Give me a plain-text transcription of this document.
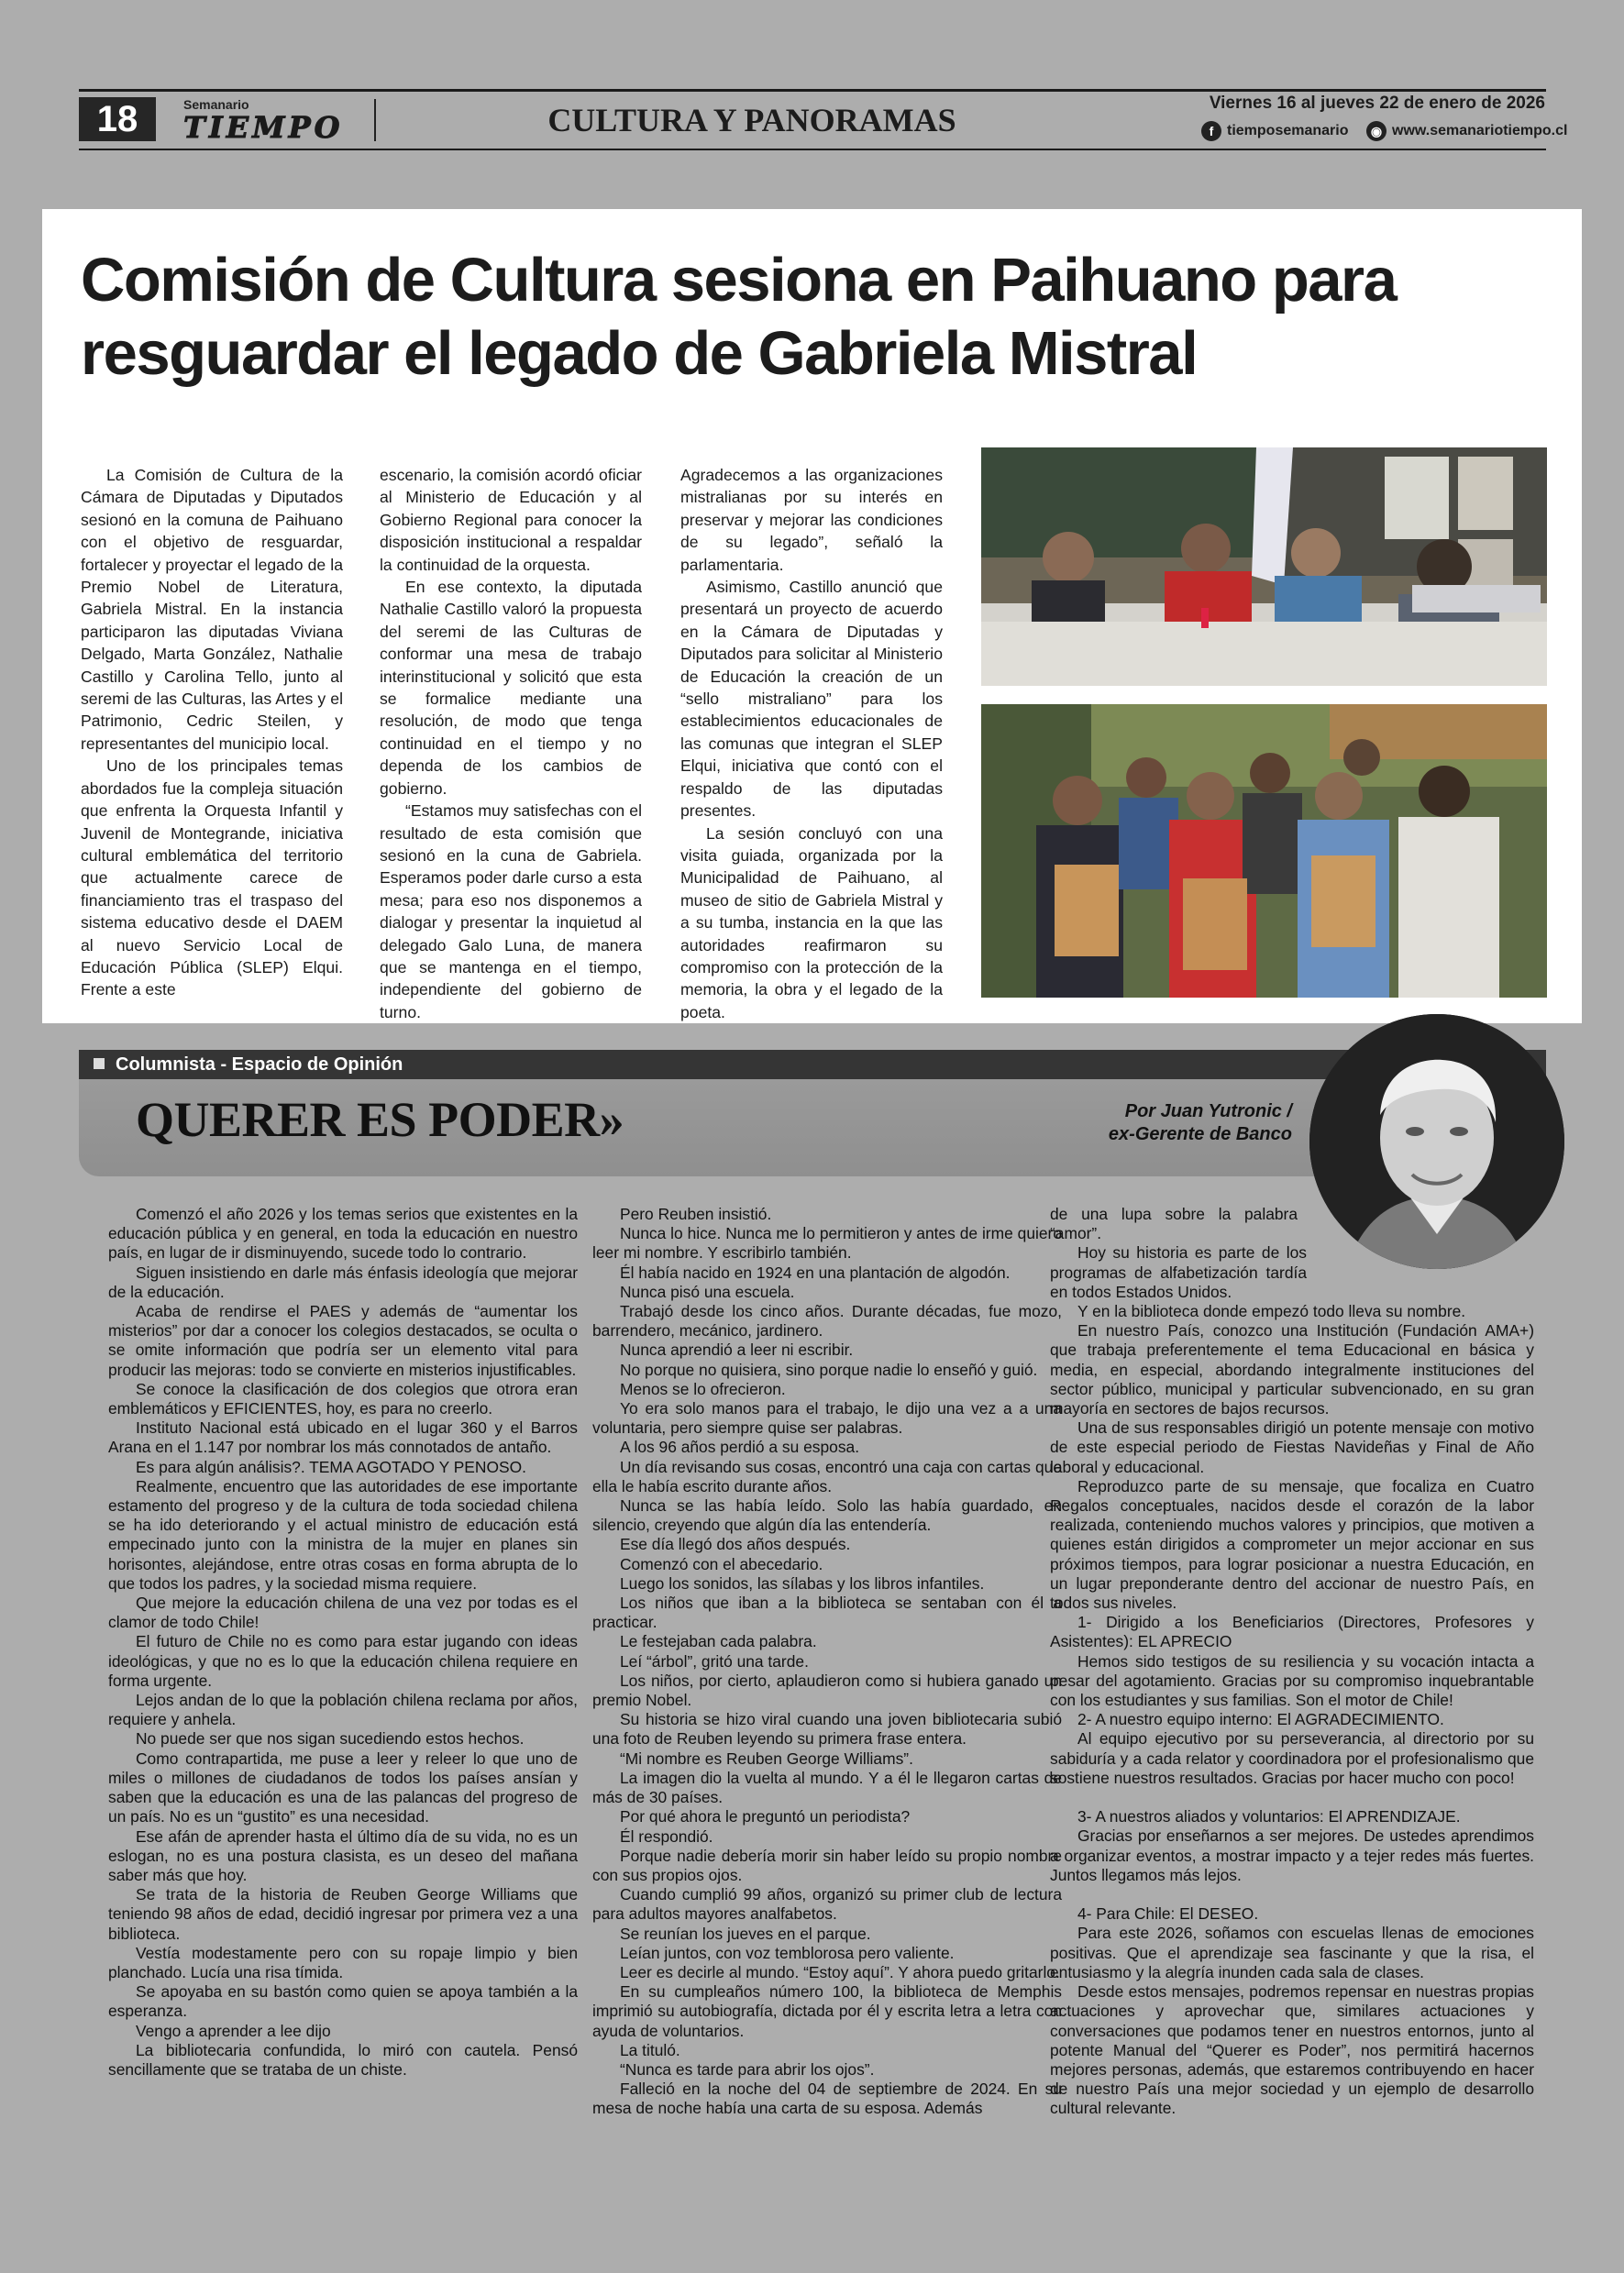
18	Semanario
TIEMPO	CULTURA Y PANORAMAS	Viernes 16 al jueves 22 de enero de 2026
f tiemposemanario	◉ www.semanariotiempo.cl
Comisión de Cultura sesiona en Paihuano para resguardar el legado de Gabriela Mistral

La Comisión de Cultura de la Cámara de Diputadas y Diputados sesionó en la comuna de Paihuano con el objetivo de resguardar, fortalecer y proyectar el legado de la Premio Nobel de Literatura, Gabriela Mistral. En la instancia participaron las diputadas Viviana Delgado, Marta González, Nathalie Castillo y Carolina Tello, junto al seremi de las Culturas, las Artes y el Patrimonio, Cedric Steilen, y representantes del municipio local.

Uno de los principales temas abordados fue la compleja situación que enfrenta la Orquesta Infantil y Juvenil de Montegrande, iniciativa cultural emblemática del territorio que actualmente carece de financiamiento tras el traspaso del sistema educativo desde el DAEM al nuevo Servicio Local de Educación Pública (SLEP) Elqui. Frente a este

escenario, la comisión acordó oficiar al Ministerio de Educación y al Gobierno Regional para conocer la disposición institucional a respaldar la continuidad de la orquesta.

En ese contexto, la diputada Nathalie Castillo valoró la propuesta del seremi de las Culturas de conformar una mesa de trabajo interinstitucional y solicitó que esta se formalice mediante una resolución, de modo que tenga continuidad en el tiempo y no dependa de los cambios de gobierno.

“Estamos muy satisfechas con el resultado de esta comisión que sesionó en la cuna de Gabriela. Esperamos poder darle curso a esta mesa; para eso nos disponemos a dialogar y presentar la inquietud al delegado Galo Luna, de manera que se mantenga en el tiempo, independiente del gobierno de turno.

Agradecemos a las organizaciones mistralianas por su interés en preservar y mejorar las condiciones de su legado”, señaló la parlamentaria.

Asimismo, Castillo anunció que presentará un proyecto de acuerdo en la Cámara de Diputadas y Diputados para solicitar al Ministerio de Educación la creación de un “sello mistraliano” para los establecimientos educacionales de las comunas que integran el SLEP Elqui, iniciativa que contó con el respaldo de las diputadas presentes.

La sesión concluyó con una visita guiada, organizada por la Municipalidad de Paihuano, al museo de sitio de Gabriela Mistral y a su tumba, instancia en la que las autoridades reafirmaron su compromiso con la protección de la memoria, la obra y el legado de la poeta.

Columnista - Espacio de Opinión
QUERER ES PODER»	Por Juan Yutronic /
ex-Gerente de Banco

Comenzó el año 2026 y los temas serios que existentes en la educación pública y en general, en toda la educación en nuestro país, en lugar de ir disminuyendo, sucede todo lo contrario.

Siguen insistiendo en darle más énfasis ideología que mejorar de la educación.

Acaba de rendirse el PAES y además de “aumentar los misterios” por dar a conocer los colegios destacados, se oculta o se omite información que podría ser un elemento vital para producir las mejoras: todo se convierte en misterios injustificables.

Se conoce la clasificación de dos colegios que otrora eran emblemáticos y EFICIENTES, hoy, es para no creerlo.

Instituto Nacional está ubicado en el lugar 360 y el Barros Arana en el 1.147 por nombrar los más connotados de antaño.

Es para algún análisis?. TEMA AGOTADO Y PENOSO.

Realmente, encuentro que las autoridades de ese importante estamento del progreso y de la cultura de toda sociedad chilena se ha ido deteriorando y el actual ministro de educación está empecinado junto con la ministra de la mujer en planes sin horisontes, alejándose, entre otras cosas en forma abrupta de lo que todos los padres, y la sociedad misma requiere.

Que mejore la educación chilena de una vez por todas es el clamor de todo Chile!

El futuro de Chile no es como para estar jugando con ideas ideológicas, y que no es lo que la educación chilena requiere en forma urgente.

Lejos andan de lo que la población chilena reclama por años, requiere y anhela.

No puede ser que nos sigan sucediendo estos hechos.

Como contrapartida, me puse a leer y releer lo que uno de miles o millones de ciudadanos de todos los países ansían y saben que la educación es una de las palancas del progreso de un país. No es un “gustito” es una necesidad.

Ese afán de aprender hasta el último día de su vida, no es un eslogan, no es una postura clasista, es un deseo del mañana saber más que hoy.

Se trata de la historia de Reuben George Williams que teniendo 98 años de edad, decidió ingresar por primera vez a una biblioteca.

Vestía modestamente pero con su ropaje limpio y bien planchado. Lucía una risa tímida.

Se apoyaba en su bastón como quien se apoya también a la esperanza.

Vengo a aprender a lee dijo

La bibliotecaria confundida, lo miró con cautela. Pensó sencillamente que se trataba de un chiste.

Pero Reuben insistió.

Nunca lo hice. Nunca me lo permitieron y antes de irme quiero leer mi nombre. Y escribirlo también.

Él había nacido en 1924 en una plantación de algodón.

Nunca pisó una escuela.

Trabajó desde los cinco años. Durante décadas, fue mozo, barrendero, mecánico, jardinero.

Nunca aprendió a leer ni escribir.

No porque no quisiera, sino porque nadie lo enseñó y guió.

Menos se lo ofrecieron.

Yo era solo manos para el trabajo, le dijo una vez a a una voluntaria, pero siempre quise ser palabras.

A los 96 años perdió a su esposa.

Un día revisando sus cosas, encontró una caja con cartas que ella le había escrito durante años.

Nunca se las había leído. Solo las había guardado, en silencio, creyendo que algún día las entendería.

Ese día llegó dos años después.

Comenzó con el abecedario.

Luego los sonidos, las sílabas y los libros infantiles.

Los niños que iban a la biblioteca se sentaban con él a practicar.

Le festejaban cada palabra.

Leí “árbol”, gritó una tarde.

Los niños, por cierto, aplaudieron como si hubiera ganado un premio Nobel.

Su historia se hizo viral cuando una joven bibliotecaria subió una foto de Reuben leyendo su primera frase entera.

“Mi nombre es Reuben George Williams”.

La imagen dio la vuelta al mundo. Y a él le llegaron cartas de más de 30 países.

Por qué ahora le preguntó un periodista?

Él respondió.

Porque nadie debería morir sin haber leído su propio nombre con sus propios ojos.

Cuando cumplió 99 años, organizó su primer club de lectura para adultos mayores analfabetos.

Se reunían los jueves en el parque.

Leían juntos, con voz temblorosa pero valiente.

Leer es decirle al mundo. “Estoy aquí”. Y ahora puedo gritarlo.

En su cumpleaños número 100, la biblioteca de Memphis imprimió su autobiografía, dictada por él y escrita letra a letra con ayuda de voluntarios.

La tituló.

“Nunca es tarde para abrir los ojos”.

Falleció en la noche del 04 de septiembre de 2024. En su mesa de noche había una carta de su esposa. Además

de una lupa sobre la palabra “amor”.

Hoy su historia es parte de los programas de alfabetización tardía en todos Estados Unidos.

Y en la biblioteca donde empezó todo lleva su nombre.

En nuestro País, conozco una Institución (Fundación AMA+) que trabaja preferentemente el tema Educacional en básica y media, en especial, abordando integralmente instituciones del sector público, municipal y particular subvencionado, en su gran mayoría en sectores de bajos recursos.

Una de sus responsables dirigió un potente mensaje con motivo de este especial periodo de Fiestas Navideñas y Final de Año laboral y educacional.

Reproduzco parte de su mensaje, que focaliza en Cuatro Regalos conceptuales, nacidos desde el corazón de la labor realizada, conteniendo muchos valores y principios, que motiven a quienes están dirigidos a comprometer un mejor accionar en sus próximos tiempos, para lograr posicionar a nuestra Educación, en un lugar preponderante dentro del accionar de nuestro País, en todos sus niveles.

1- Dirigido a los Beneficiarios (Directores, Profesores y Asistentes): EL APRECIO

Hemos sido testigos de su resiliencia y su vocación intacta a pesar del agotamiento. Gracias por su compromiso inquebrantable con los estudiantes y sus familias. Son el motor de Chile!

2- A nuestro equipo interno: El AGRADECIMIENTO.

Al equipo ejecutivo por su perseverancia, al directorio por su sabiduría y a cada relator y coordinadora por el profesionalismo que sostiene nuestros resultados. Gracias por hacer mucho con poco!

3- A nuestros aliados y voluntarios: El APRENDIZAJE.

Gracias por enseñarnos a ser mejores. De ustedes aprendimos a organizar eventos, a mostrar impacto y a tejer redes más fuertes. Juntos llegamos más lejos.

4- Para Chile: El DESEO.

Para este 2026, soñamos con escuelas llenas de emociones positivas. Que el aprendizaje sea fascinante y que la risa, el entusiasmo y la alegría inunden cada sala de clases.

Desde estos mensajes, podremos repensar en nuestras propias actuaciones y aprovechar que, similares actuaciones y conversaciones que podamos tener en nuestros entornos, junto al potente Manual del “Querer es Poder”, nos permitirá hacernos mejores personas, además, que estaremos contribuyendo en hacer de nuestro País una mejor sociedad y un ejemplo de desarrollo cultural relevante.
